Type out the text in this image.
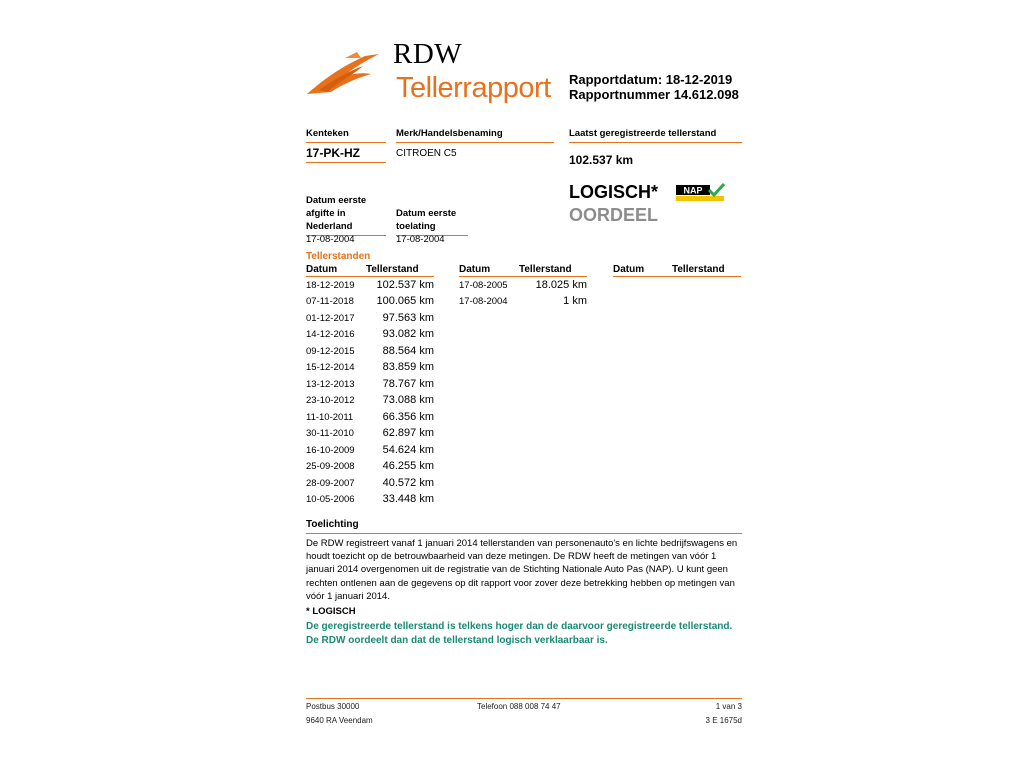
RDW
Tellerrapport Rapportdatum: 18-12-2019
Rapportnummer 14.612.098
Kenteken	Merk/Handelsbenaming	Laatst geregistreerde tellerstand
17-PK-HZ	CITROEN C5	102.537 km
LOGISCH*
OORDEEL
NAP
Datum eerste afgifte in Nederland
Datum eerste toelating
17-08-2004	17-08-2004
Tellerstanden
Datum	Tellerstand	Datum	Tellerstand	Datum	Tellerstand
18-12-2019	102.537 km
07-11-2018	100.065 km
01-12-2017	97.563 km
14-12-2016	93.082 km
09-12-2015	88.564 km
15-12-2014	83.859 km
13-12-2013	78.767 km
23-10-2012	73.088 km
11-10-2011	66.356 km
30-11-2010	62.897 km
16-10-2009	54.624 km
25-09-2008	46.255 km
28-09-2007	40.572 km
10-05-2006	33.448 km
17-08-2005	18.025 km
17-08-2004	1 km
Toelichting
De RDW registreert vanaf 1 januari 2014 tellerstanden van personenauto's en lichte bedrijfswagens en houdt toezicht op de betrouwbaarheid van deze metingen. De RDW heeft de metingen van vóór 1 januari 2014 overgenomen uit de registratie van de Stichting Nationale Auto Pas (NAP). U kunt geen rechten ontlenen aan de gegevens op dit rapport voor zover deze betrekking hebben op metingen van vóór 1 januari 2014.
* LOGISCH
De geregistreerde tellerstand is telkens hoger dan de daarvoor geregistreerde tellerstand. De RDW oordeelt dan dat de tellerstand logisch verklaarbaar is.
Postbus 30000
9640 RA Veendam
Telefoon 088 008 74 47	1 van 3
3 E 1675d
